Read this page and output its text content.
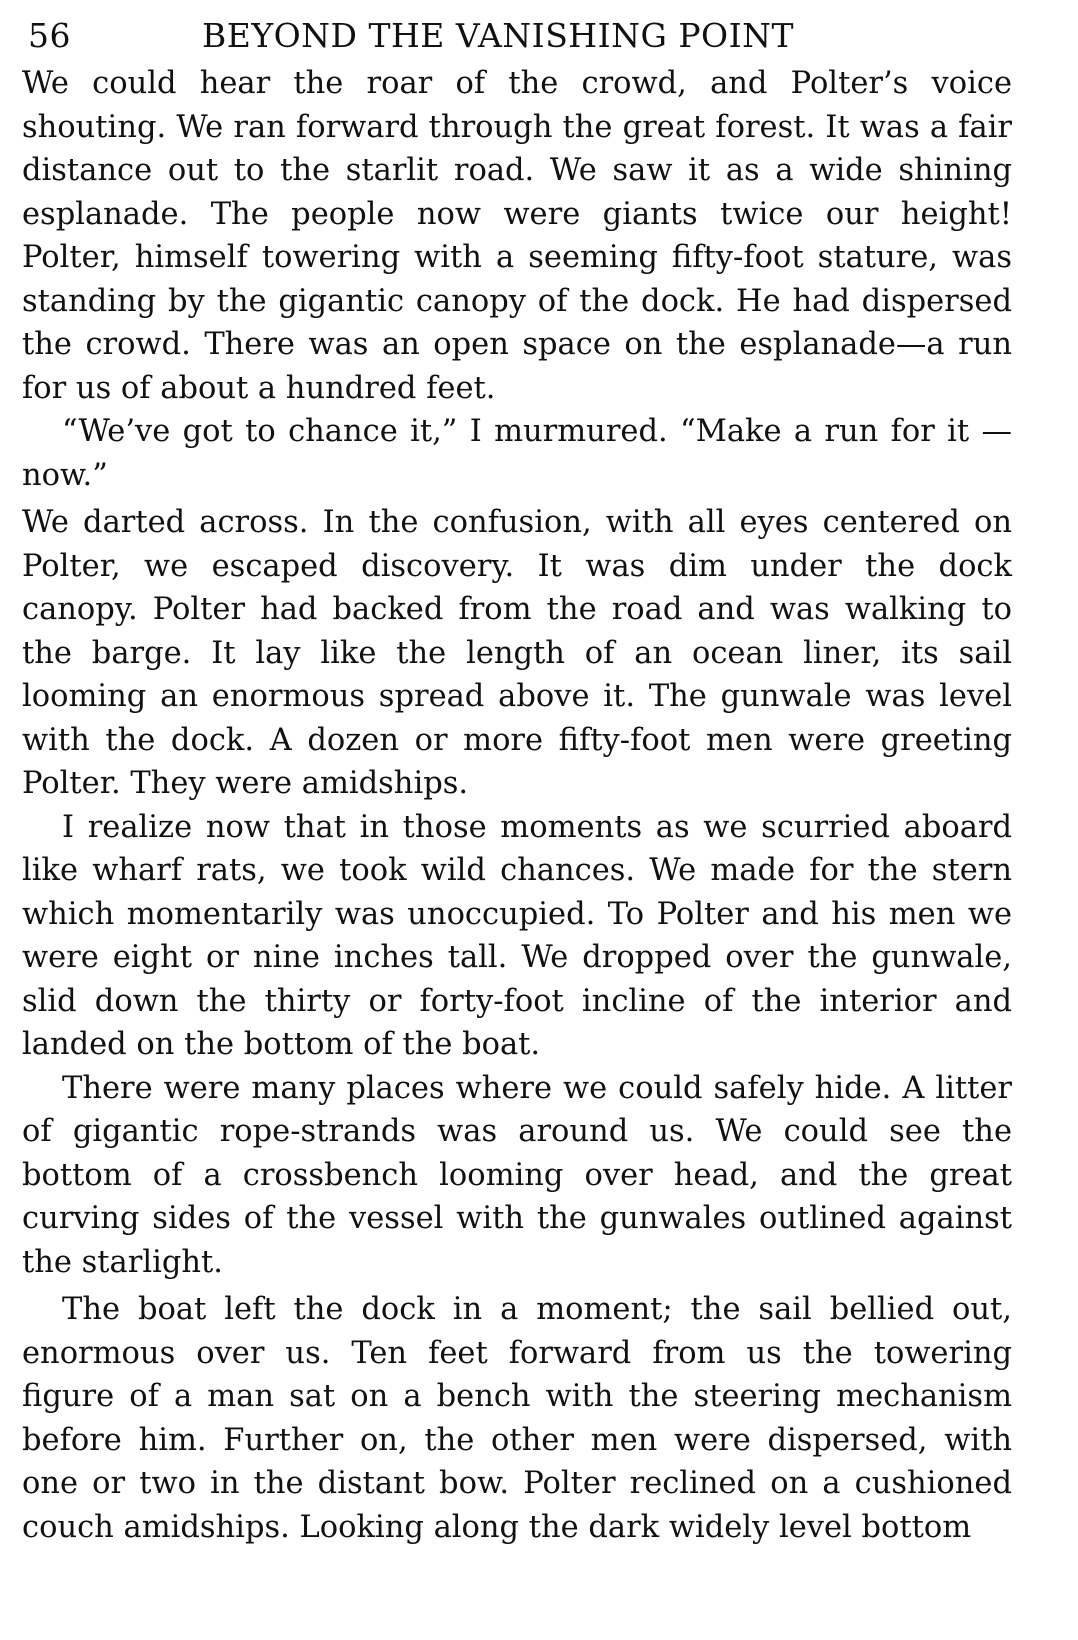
56	BEYOND THE VANISHING POINT

We could hear the roar of the crowd, and Polter’s voice shouting. We ran forward through the great forest. It was a fair distance out to the starlit road. We saw it as a wide shining esplanade. The people now were giants twice our height! Polter, himself towering with a seeming fifty-foot stature, was standing by the gigantic canopy of the dock. He had dispersed the crowd. There was an open space on the esplanade—a run for us of about a hundred feet.

“We’ve got to chance it,” I murmured. “Make a run for it —now.”

We darted across. In the confusion, with all eyes centered on Polter, we escaped discovery. It was dim under the dock canopy. Polter had backed from the road and was walking to the barge. It lay like the length of an ocean liner, its sail looming an enormous spread above it. The gunwale was level with the dock. A dozen or more fifty-foot men were greeting Polter. They were amidships.

I realize now that in those moments as we scurried aboard like wharf rats, we took wild chances. We made for the stern which momentarily was unoccupied. To Polter and his men we were eight or nine inches tall. We dropped over the gunwale, slid down the thirty or forty-foot incline of the interior and landed on the bottom of the boat.

There were many places where we could safely hide. A litter of gigantic rope-strands was around us. We could see the bottom of a crossbench looming over head, and the great curving sides of the vessel with the gunwales outlined against the starlight.

The boat left the dock in a moment; the sail bellied out, enormous over us. Ten feet forward from us the towering figure of a man sat on a bench with the steering mechanism before him. Further on, the other men were dispersed, with one or two in the distant bow. Polter reclined on a cushioned couch amidships. Looking along the dark widely level bottom
